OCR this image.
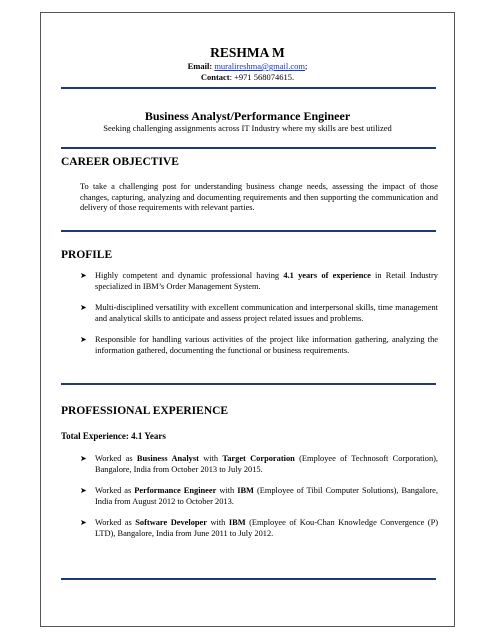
RESHMA M
Email: muralireshma@gmail.com;
Contact: +971 568074615.
Business Analyst/Performance Engineer
Seeking challenging assignments across IT Industry where my skills are best utilized
CAREER OBJECTIVE
To take a challenging post for understanding business change needs, assessing the impact of those changes, capturing, analyzing and documenting requirements and then supporting the communication and delivery of those requirements with relevant parties.
PROFILE
➤ Highly competent and dynamic professional having 4.1 years of experience in Retail Industry specialized in IBM’s Order Management System.
➤ Multi-disciplined versatility with excellent communication and interpersonal skills, time management and analytical skills to anticipate and assess project related issues and problems.
➤ Responsible for handling various activities of the project like information gathering, analyzing the information gathered, documenting the functional or business requirements.
PROFESSIONAL EXPERIENCE
Total Experience: 4.1 Years
➤ Worked as Business Analyst with Target Corporation (Employee of Technosoft Corporation), Bangalore, India from October 2013 to July 2015.
➤ Worked as Performance Engineer with IBM (Employee of Tibil Computer Solutions), Bangalore, India from August 2012 to October 2013.
➤ Worked as Software Developer with IBM (Employee of Kou-Chan Knowledge Convergence (P) LTD), Bangalore, India from June 2011 to July 2012.
